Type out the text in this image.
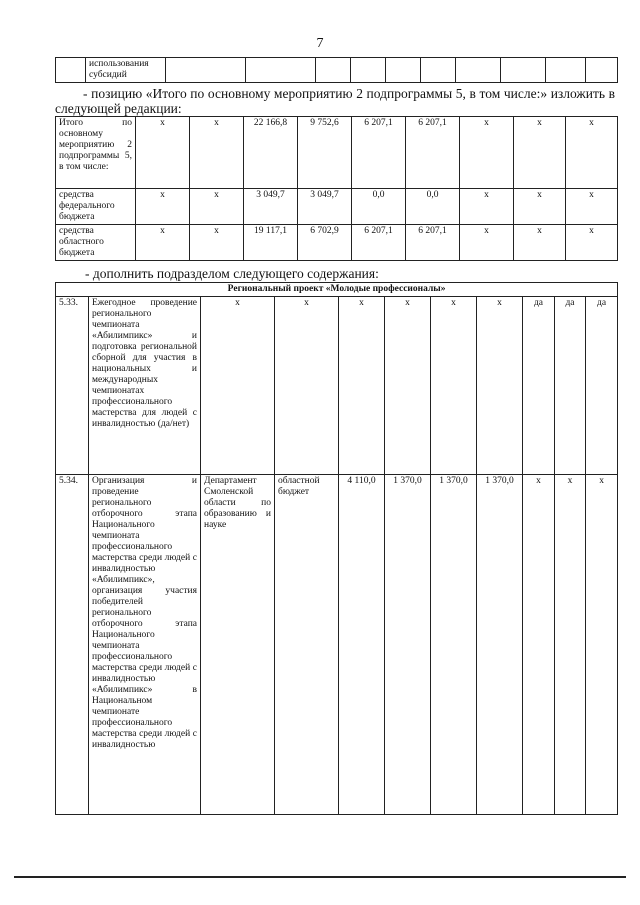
7
	использования субсидий										
- позицию «Итого по основному мероприятию 2 подпрограммы 5, в том числе:» изложить в следующей редакции:
Итого по основному мероприятию 2 подпрограммы 5, в том числе:	x	x	22 166,8	9 752,6	6 207,1	6 207,1	x	x	x
средства федерального бюджета	x	x	3 049,7	3 049,7	0,0	0,0	x	x	x
средства областного бюджета	x	x	19 117,1	6 702,9	6 207,1	6 207,1	x	x	x
- дополнить подразделом следующего содержания:
Региональный проект «Молодые профессионалы»										
5.33.	Ежегодное проведение регионального чемпионата «Абилимпикс» и подготовка региональной сборной для участия в национальных и международных чемпионатах профессионального мастерства для людей с инвалидностью (да/нет)	x	x	x	x	x	x	да	да	да
5.34.	Организация и проведение регионального отборочного этапа Национального чемпионата профессионального мастерства среди людей с инвалидностью «Абилимпикс», организация участия победителей регионального отборочного этапа Национального чемпионата профессионального мастерства среди людей с инвалидностью «Абилимпикс» в Национальном чемпионате профессионального мастерства среди людей с инвалидностью	Департамент Смоленской области по образованию и науке	областной бюджет	4 110,0	1 370,0	1 370,0	1 370,0	x	x	x
